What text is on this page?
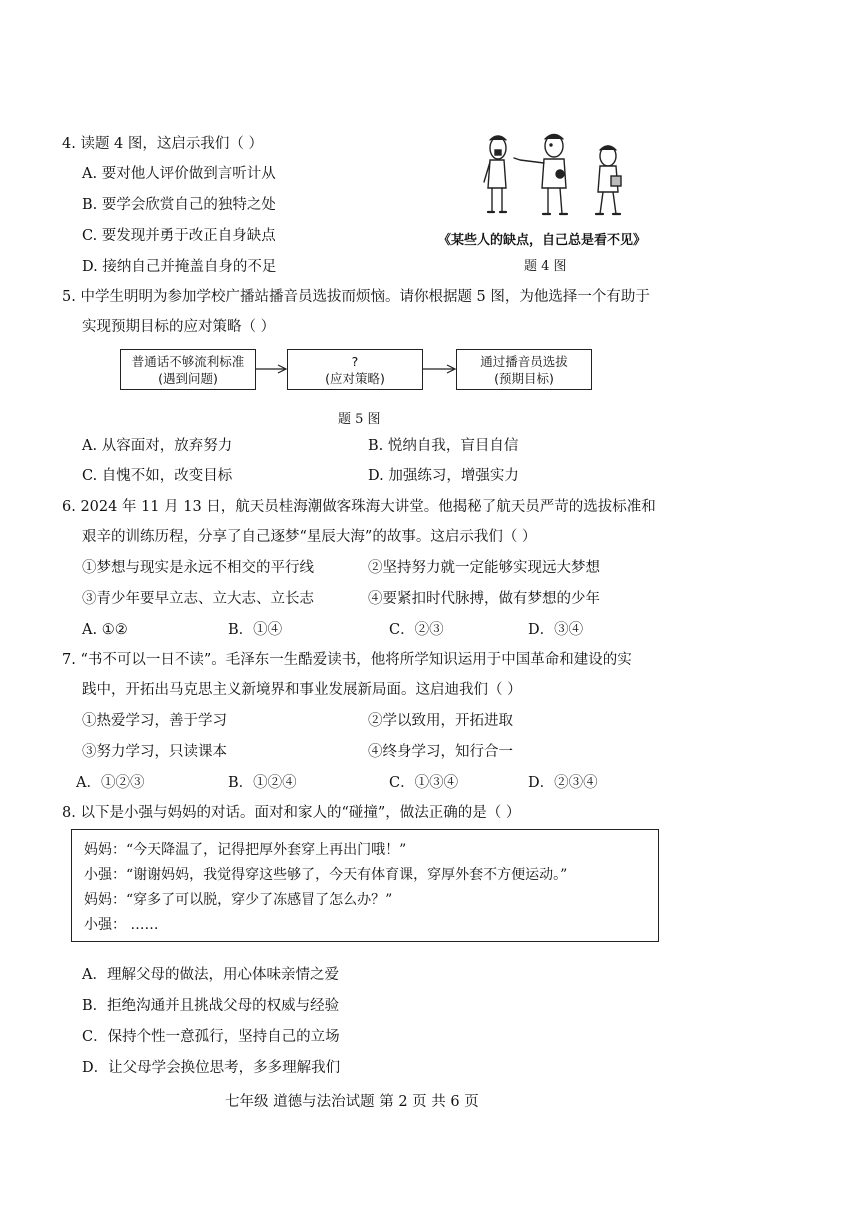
4. 读题 4 图，这启示我们（ ）
A. 要对他人评价做到言听计从
B. 要学会欣赏自己的独特之处
C. 要发现并勇于改正自身缺点
D. 接纳自己并掩盖自身的不足
《某些人的缺点，自己总是看不见》
题 4 图
5. 中学生明明为参加学校广播站播音员选拔而烦恼。请你根据题 5 图，为他选择一个有助于
实现预期目标的应对策略（ ）
普通话不够流利标准
(遇到问题)
?
(应对策略)
通过播音员选拔
(预期目标)
题 5 图
A. 从容面对，放弃努力	B. 悦纳自我，盲目自信
C. 自愧不如，改变目标	D. 加强练习，增强实力
6. 2024 年 11 月 13 日，航天员桂海潮做客珠海大讲堂。他揭秘了航天员严苛的选拔标准和
艰辛的训练历程，分享了自己逐梦“星辰大海”的故事。这启示我们（ ）
①梦想与现实是永远不相交的平行线	②坚持努力就一定能够实现远大梦想
③青少年要早立志、立大志、立长志	④要紧扣时代脉搏，做有梦想的少年
A. ①②	B．①④	C．②③	D．③④
7. “书不可以一日不读”。毛泽东一生酷爱读书，他将所学知识运用于中国革命和建设的实
践中，开拓出马克思主义新境界和事业发展新局面。这启迪我们（ ）
①热爱学习，善于学习	②学以致用，开拓进取
③努力学习，只读课本	④终身学习，知行合一
A．①②③	B．①②④	C．①③④	D．②③④
8. 以下是小强与妈妈的对话。面对和家人的“碰撞”，做法正确的是（ ）
妈妈：“今天降温了，记得把厚外套穿上再出门哦！”
小强：“谢谢妈妈，我觉得穿这些够了，今天有体育课，穿厚外套不方便运动。”
妈妈：“穿多了可以脱，穿少了冻感冒了怎么办？”
小强： ……
A．理解父母的做法，用心体味亲情之爱
B．拒绝沟通并且挑战父母的权威与经验
C．保持个性一意孤行，坚持自己的立场
D．让父母学会换位思考，多多理解我们
七年级 道德与法治试题 第 2 页 共 6 页
